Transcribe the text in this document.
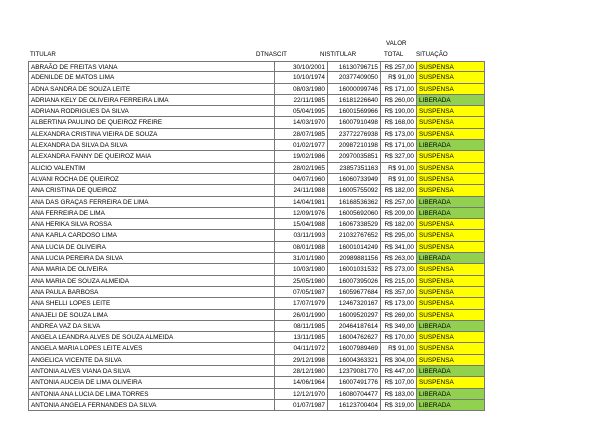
VALOR
TITULAR	DTNASCIT	NISTITULAR	TOTAL SITUAÇÃO
ABRAÃO DE FREITAS VIANA	30/10/2001	16130796715	R$ 257,00 SUSPENSA
ADENILDE DE MATOS LIMA	10/10/1974	20377409050	R$ 91,00 SUSPENSA
ADNA SANDRA DE SOUZA LEITE	08/03/1980	16000099746	R$ 171,00 SUSPENSA
ADRIANA KELY DE OLIVEIRA FERREIRA LIMA	22/11/1985	16181226640	R$ 260,00 LIBERADA
ADRIANA RODRIGUES DA SILVA	05/04/1995	16001569966	R$ 190,00 SUSPENSA
ALBERTINA PAULINO DE QUEIROZ FREIRE	14/03/1970	16007910498	R$ 168,00 SUSPENSA
ALEXANDRA CRISTINA VIEIRA DE SOUZA	28/07/1985	23772276938	R$ 173,00 SUSPENSA
ALEXANDRA DA SILVA DA SILVA	01/02/1977	20987210198	R$ 171,00 LIBERADA
ALEXANDRA FANNY DE QUEIROZ MAIA	19/02/1986	20970035851	R$ 327,00 SUSPENSA
ALICIO VALENTIM	28/02/1965	23857351163	R$ 91,00 SUSPENSA
ALVANI ROCHA DE QUEIROZ	04/07/1960	16060733949	R$ 91,00 SUSPENSA
ANA CRISTINA DE QUEIROZ	24/11/1988	16005755092	R$ 182,00 SUSPENSA
ANA DAS GRAÇAS FERREIRA DE LIMA	14/04/1981	16168536362	R$ 257,00 LIBERADA
ANA FERREIRA DE LIMA	12/09/1976	16005692060	R$ 209,00 LIBERADA
ANA HERIKA SILVA ROSSA	15/04/1988	16067338529	R$ 182,00 SUSPENSA
ANA KARLA CARDOSO LIMA	03/11/1993	21032767652	R$ 295,00 SUSPENSA
ANA LUCIA DE OLIVEIRA	08/01/1988	16001014249	R$ 341,00 SUSPENSA
ANA LUCIA PEREIRA DA SILVA	31/01/1980	20989881156	R$ 263,00 LIBERADA
ANA MARIA DE OLIVEIRA	10/03/1980	16001031532	R$ 273,00 SUSPENSA
ANA MARIA DE SOUZA ALMEIDA	25/05/1980	16007395026	R$ 215,00 SUSPENSA
ANA PAULA BARBOSA	07/05/1987	16059677684	R$ 357,00 SUSPENSA
ANA SHELLI LOPES LEITE	17/07/1979	12467320167	R$ 173,00 SUSPENSA
ANAJELI DE SOUZA LIMA	26/01/1990	16009520297	R$ 269,00 SUSPENSA
ANDREA VAZ DA SILVA	08/11/1985	20464187614	R$ 349,00 LIBERADA
ANGELA LEANDRA ALVES DE SOUZA ALMEIDA	13/11/1985	16004762627	R$ 170,00 SUSPENSA
ANGELA MARIA LOPES LEITE ALVES	04/11/1972	16007989469	R$ 91,00 SUSPENSA
ANGELICA VICENTE DA SILVA	29/12/1998	16004363321	R$ 304,00 SUSPENSA
ANTONIA ALVES VIANA DA SILVA	28/12/1980	12379081770	R$ 447,00 LIBERADA
ANTONIA AUCEIA DE LIMA OLIVEIRA	14/06/1964	16007491776	R$ 107,00 SUSPENSA
ANTONIA ANA LUCIA DE LIMA TORRES	12/12/1970	16080704477	R$ 183,00 LIBERADA
ANTONIA ANGELA FERNANDES DA SILVA	01/07/1987	16123700404	R$ 319,00 LIBERADA
